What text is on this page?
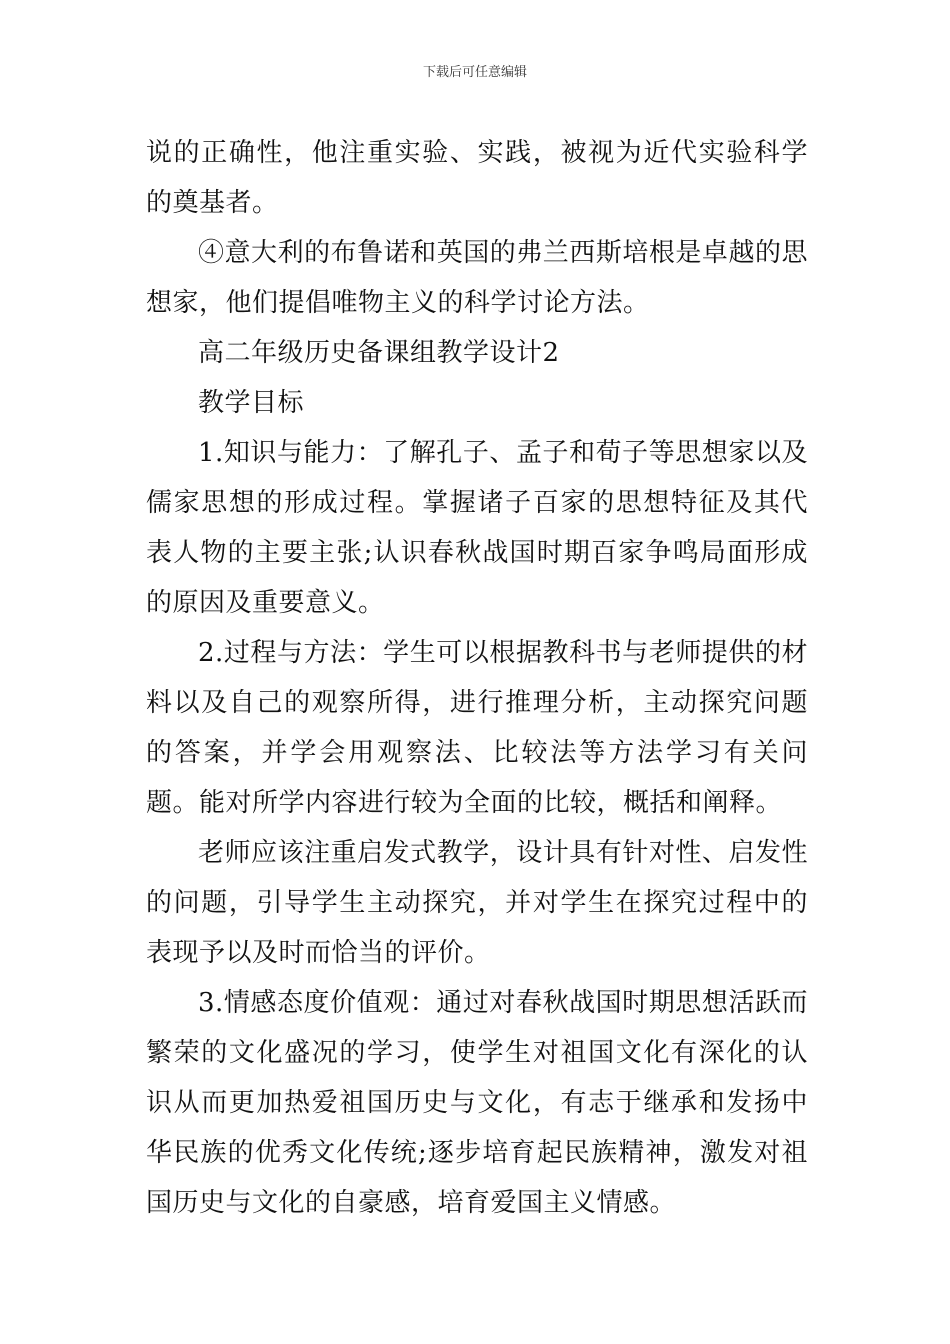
下载后可任意编辑

说的正确性，他注重实验、实践，被视为近代实验科学的奠基者。

④意大利的布鲁诺和英国的弗兰西斯培根是卓越的思想家，他们提倡唯物主义的科学讨论方法。

高二年级历史备课组教学设计2

教学目标

1.知识与能力：了解孔子、孟子和荀子等思想家以及儒家思想的形成过程。掌握诸子百家的思想特征及其代表人物的主要主张;认识春秋战国时期百家争鸣局面形成的原因及重要意义。

2.过程与方法：学生可以根据教科书与老师提供的材料以及自己的观察所得，进行推理分析，主动探究问题的答案，并学会用观察法、比较法等方法学习有关问题。能对所学内容进行较为全面的比较，概括和阐释。

老师应该注重启发式教学，设计具有针对性、启发性的问题，引导学生主动探究，并对学生在探究过程中的表现予以及时而恰当的评价。

3.情感态度价值观：通过对春秋战国时期思想活跃而繁荣的文化盛况的学习，使学生对祖国文化有深化的认识从而更加热爱祖国历史与文化，有志于继承和发扬中华民族的优秀文化传统;逐步培育起民族精神，激发对祖国历史与文化的自豪感，培育爱国主义情感。
